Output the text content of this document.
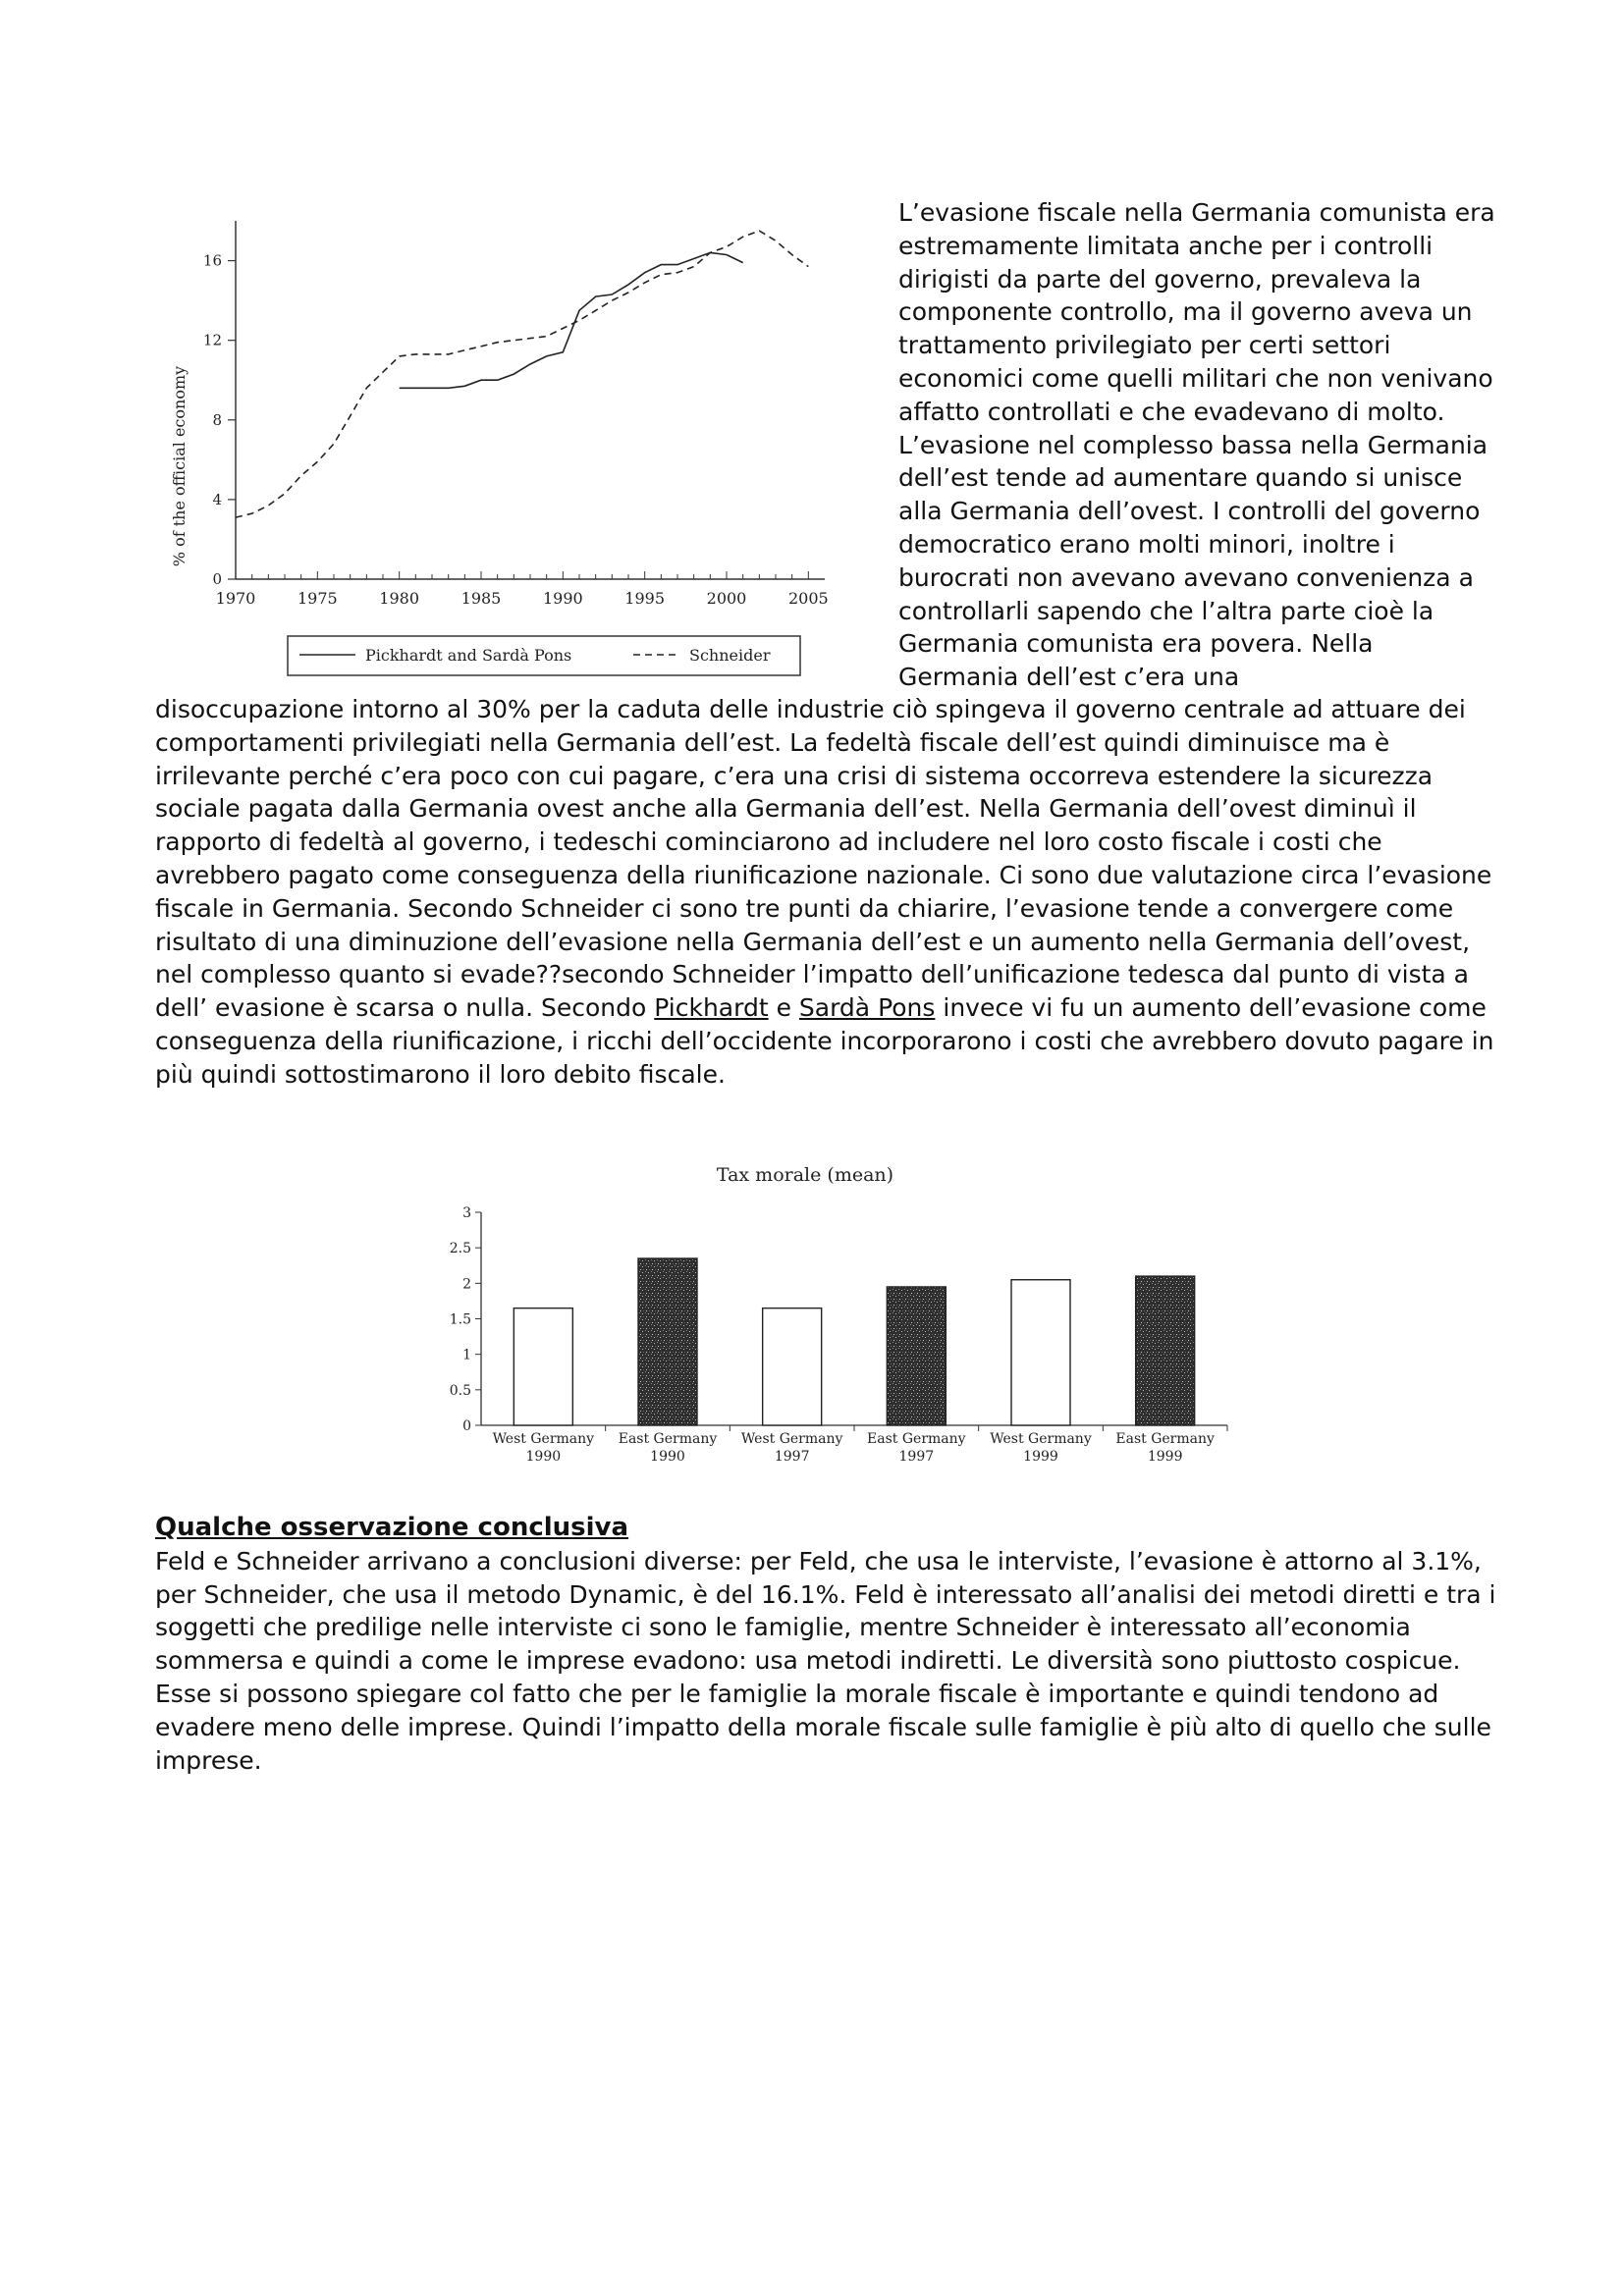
0
4
8
12
16
1970	1975	1980	1985	1990	1995	2000	2005
% of the official economy
Pickhardt and Sardà Pons	Schneider

L’evasione fiscale nella Germania comunista era estremamente limitata anche per i controlli dirigisti da parte del governo, prevaleva la componente controllo, ma il governo aveva un trattamento privilegiato per certi settori economici come quelli militari che non venivano affatto controllati e che evadevano di molto. L’evasione nel complesso bassa nella Germania dell’est tende ad aumentare quando si unisce alla Germania dell’ovest. I controlli del governo democratico erano molti minori, inoltre i burocrati non avevano avevano convenienza a controllarli sapendo che l’altra parte cioè la Germania comunista era povera. Nella Germania dell’est c’era una

disoccupazione intorno al 30% per la caduta delle industrie ciò spingeva il governo centrale ad attuare dei comportamenti privilegiati nella Germania dell’est. La fedeltà fiscale dell’est quindi diminuisce ma è irrilevante perché c’era poco con cui pagare, c’era una crisi di sistema occorreva estendere la sicurezza sociale pagata dalla Germania ovest anche alla Germania dell’est. Nella Germania dell’ovest diminuì il rapporto di fedeltà al governo, i tedeschi cominciarono ad includere nel loro costo fiscale i costi che avrebbero pagato come conseguenza della riunificazione nazionale. Ci sono due valutazione circa l’evasione fiscale in Germania. Secondo Schneider ci sono tre punti da chiarire, l’evasione tende a convergere come risultato di una diminuzione dell’evasione nella Germania dell’est e un aumento nella Germania dell’ovest, nel complesso quanto si evade??secondo Schneider l’impatto dell’unificazione tedesca dal punto di vista a dell’ evasione è scarsa o nulla. Secondo Pickhardt e Sardà Pons invece vi fu un aumento dell’evasione come conseguenza della riunificazione, i ricchi dell’occidente incorporarono i costi che avrebbero dovuto pagare in più quindi sottostimarono il loro debito fiscale.

Tax morale (mean)
0
0.5
1
1.5
2
2.5
3
West Germany
1990
East Germany
1990
West Germany
1997
East Germany
1997
West Germany
1999
East Germany
1999
Qualche osservazione conclusiva

Feld e Schneider arrivano a conclusioni diverse: per Feld, che usa le interviste, l’evasione è attorno al 3.1%, per Schneider, che usa il metodo Dynamic, è del 16.1%. Feld è interessato all’analisi dei metodi diretti e tra i soggetti che predilige nelle interviste ci sono le famiglie, mentre Schneider è interessato all’economia sommersa e quindi a come le imprese evadono: usa metodi indiretti. Le diversità sono piuttosto cospicue. Esse si possono spiegare col fatto che per le famiglie la morale fiscale è importante e quindi tendono ad evadere meno delle imprese. Quindi l’impatto della morale fiscale sulle famiglie è più alto di quello che sulle imprese.
